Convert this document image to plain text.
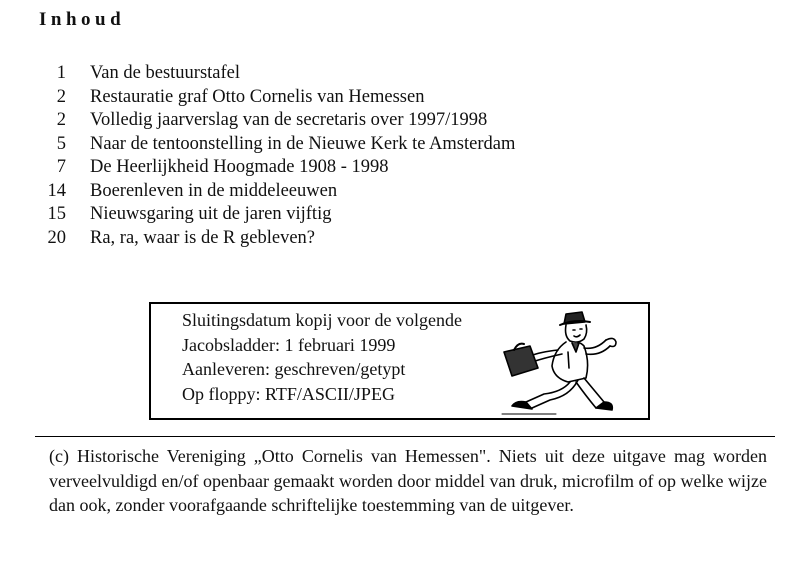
Inhoud
1 Van de bestuurstafel
2 Restauratie graf Otto Cornelis van Hemessen
2 Volledig jaarverslag van de secretaris over 1997/1998
5 Naar de tentoonstelling in de Nieuwe Kerk te Amsterdam
7 De Heerlijkheid Hoogmade 1908 - 1998
14 Boerenleven in de middeleeuwen
15 Nieuwsgaring uit de jaren vijftig
20 Ra, ra, waar is de R gebleven?
Sluitingsdatum kopij voor de volgende
Jacobsladder: 1 februari 1999
Aanleveren: geschreven/getypt
Op floppy: RTF/ASCII/JPEG

(c) Historische Vereniging „Otto Cornelis van Hemessen". Niets uit deze uitgave mag worden verveelvuldigd en/of openbaar gemaakt worden door middel van druk, microfilm of op welke wijze dan ook, zonder voorafgaande schriftelijke toestemming van de uitgever.
